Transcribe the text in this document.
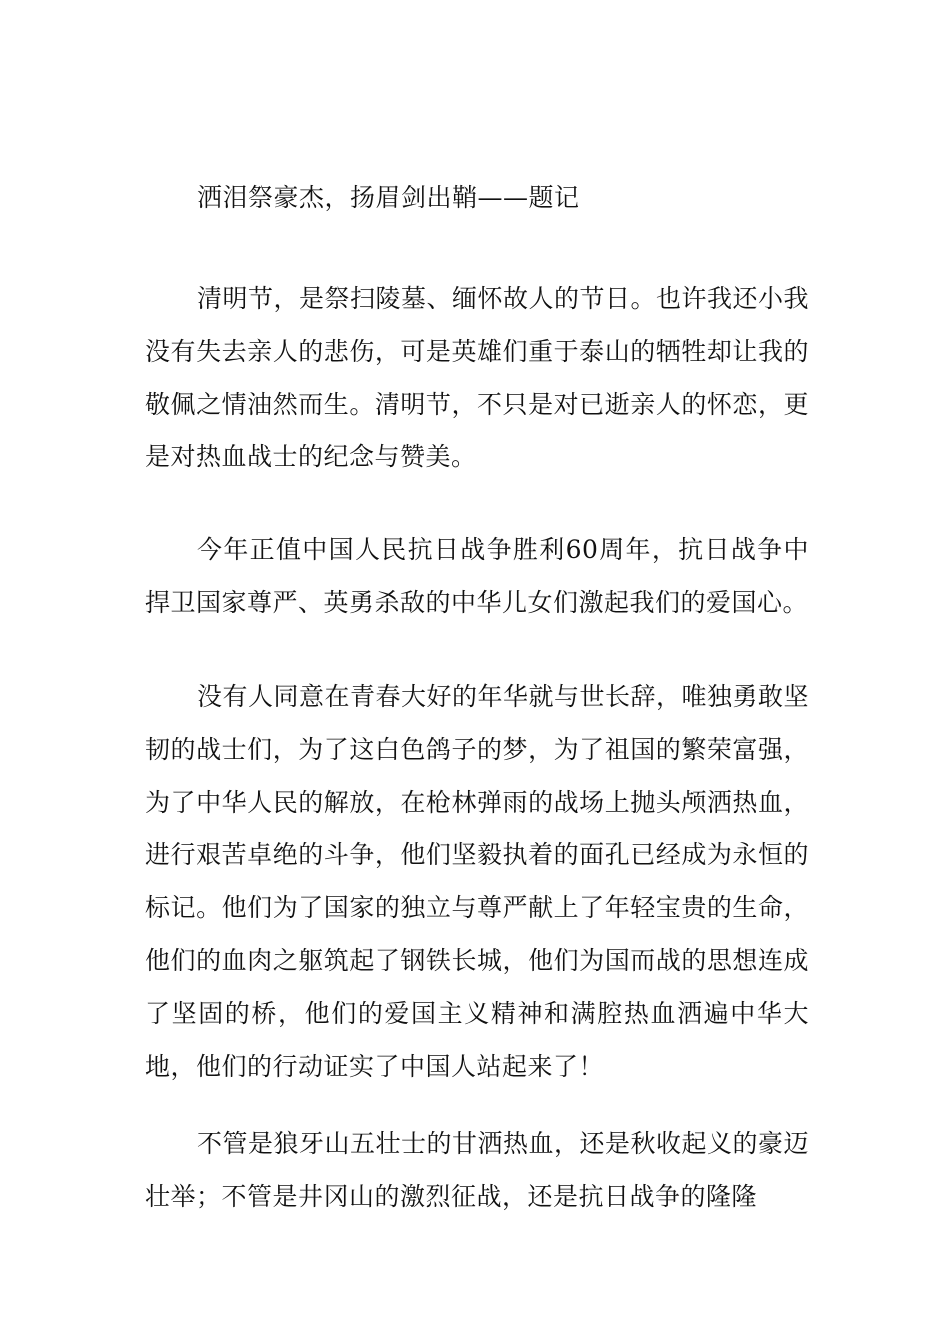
洒泪祭豪杰，扬眉剑出鞘——题记

清明节，是祭扫陵墓、缅怀故人的节日。也许我还小我没有失去亲人的悲伤，可是英雄们重于泰山的牺牲却让我的敬佩之情油然而生。清明节，不只是对已逝亲人的怀恋，更是对热血战士的纪念与赞美。

今年正值中国人民抗日战争胜利60周年，抗日战争中捍卫国家尊严、英勇杀敌的中华儿女们激起我们的爱国心。

没有人同意在青春大好的年华就与世长辞，唯独勇敢坚韧的战士们，为了这白色鸽子的梦，为了祖国的繁荣富强，为了中华人民的解放，在枪林弹雨的战场上抛头颅洒热血，进行艰苦卓绝的斗争，他们坚毅执着的面孔已经成为永恒的标记。他们为了国家的独立与尊严献上了年轻宝贵的生命，他们的血肉之躯筑起了钢铁长城，他们为国而战的思想连成了坚固的桥，他们的爱国主义精神和满腔热血洒遍中华大地，他们的行动证实了中国人站起来了！

不管是狼牙山五壮士的甘洒热血，还是秋收起义的豪迈壮举；不管是井冈山的激烈征战，还是抗日战争的隆隆
